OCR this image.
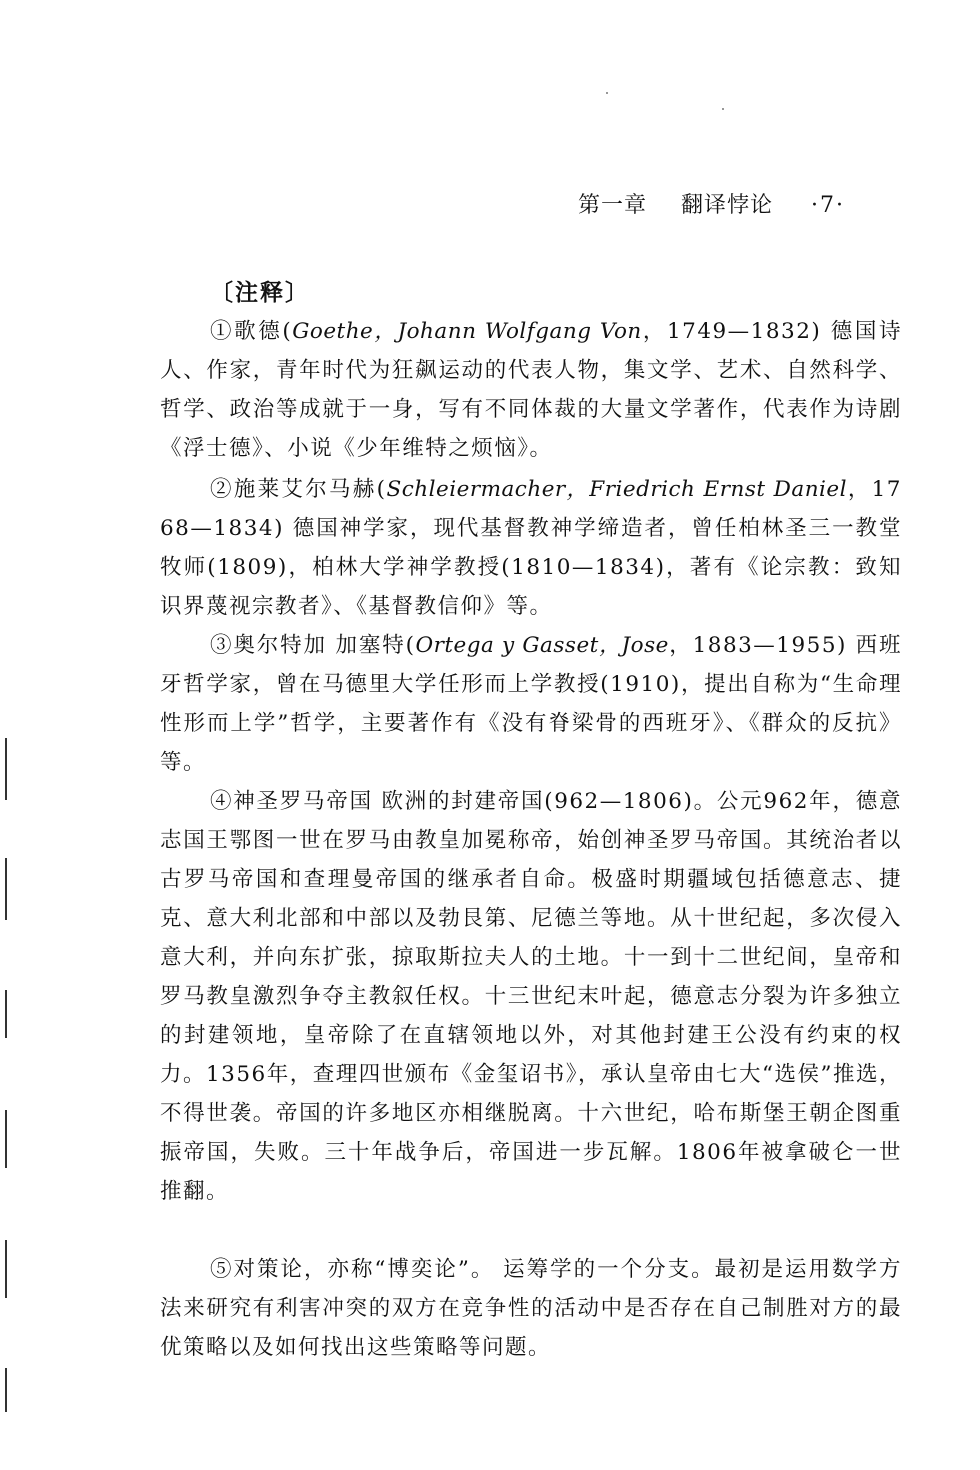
第一章 翻译悖论 ·7·
〔注释〕

①歌德(Goethe，Johann Wolfgang Von，1749—1832) 德国诗人、作家，青年时代为狂飙运动的代表人物，集文学、艺术、自然科学、哲学、政治等成就于一身，写有不同体裁的大量文学著作，代表作为诗剧《浮士德》、小说《少年维特之烦恼》。

②施莱艾尔马赫(Schleiermacher，Friedrich Ernst Daniel，1768—1834) 德国神学家，现代基督教神学缔造者，曾任柏林圣三一教堂牧师(1809)，柏林大学神学教授(1810—1834)，著有《论宗教：致知识界蔑视宗教者》、《基督教信仰》等。

③奥尔特加 加塞特(Ortega y Gasset，Jose，1883—1955) 西班牙哲学家，曾在马德里大学任形而上学教授(1910)，提出自称为“生命理性形而上学”哲学，主要著作有《没有脊梁骨的西班牙》、《群众的反抗》等。

④神圣罗马帝国 欧洲的封建帝国(962—1806)。公元962年，德意志国王鄂图一世在罗马由教皇加冕称帝，始创神圣罗马帝国。其统治者以古罗马帝国和查理曼帝国的继承者自命。极盛时期疆域包括德意志、捷克、意大利北部和中部以及勃艮第、尼德兰等地。从十世纪起，多次侵入意大利，并向东扩张，掠取斯拉夫人的土地。十一到十二世纪间，皇帝和罗马教皇激烈争夺主教叙任权。十三世纪末叶起，德意志分裂为许多独立的封建领地，皇帝除了在直辖领地以外，对其他封建王公没有约束的权力。1356年，查理四世颁布《金玺诏书》，承认皇帝由七大“选侯”推选，不得世袭。帝国的许多地区亦相继脱离。十六世纪，哈布斯堡王朝企图重振帝国，失败。三十年战争后，帝国进一步瓦解。1806年被拿破仑一世推翻。

⑤对策论，亦称“博奕论”。 运筹学的一个分支。最初是运用数学方法来研究有利害冲突的双方在竞争性的活动中是否存在自己制胜对方的最优策略以及如何找出这些策略等问题。
